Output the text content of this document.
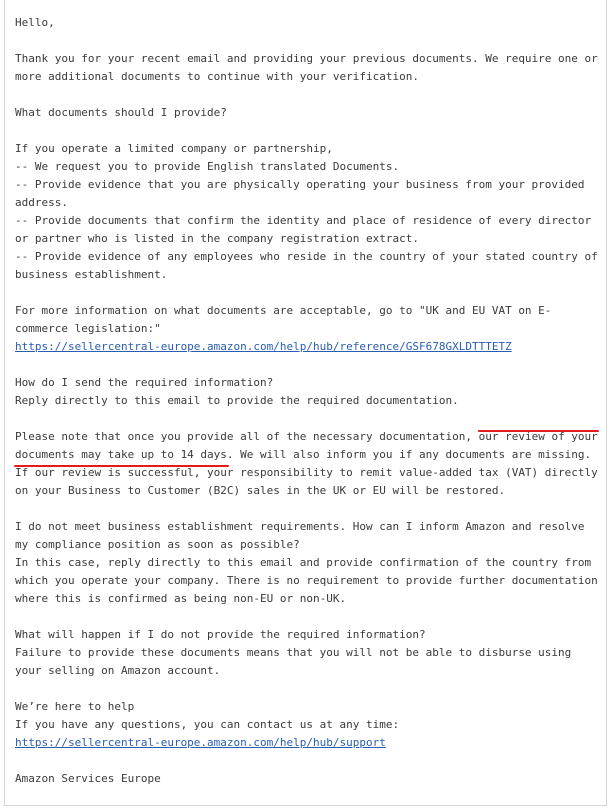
Hello,
Thank you for your recent email and providing your previous documents. We require one or
more additional documents to continue with your verification.
What documents should I provide?
If you operate a limited company or partnership,
-- We request you to provide English translated Documents.
-- Provide evidence that you are physically operating your business from your provided
address.
-- Provide documents that confirm the identity and place of residence of every director
or partner who is listed in the company registration extract.
-- Provide evidence of any employees who reside in the country of your stated country of
business establishment.
For more information on what documents are acceptable, go to "UK and EU VAT on E-
commerce legislation:"
https://sellercentral-europe.amazon.com/help/hub/reference/GSF678GXLDTTTETZ
How do I send the required information?
Reply directly to this email to provide the required documentation.
Please note that once you provide all of the necessary documentation, our review of your
documents may take up to 14 days
. We will also inform you if any documents are missing.
If our review is successful, your responsibility to remit value-added tax (VAT) directly
on your Business to Customer (B2C) sales in the UK or EU will be restored.
I do not meet business establishment requirements. How can I inform Amazon and resolve
my compliance position as soon as possible?
In this case, reply directly to this email and provide confirmation of the country from
which you operate your company. There is no requirement to provide further documentation
where this is confirmed as being non-EU or non-UK.
What will happen if I do not provide the required information?
Failure to provide these documents means that you will not be able to disburse using
your selling on Amazon account.
We’re here to help
If you have any questions, you can contact us at any time:
https://sellercentral-europe.amazon.com/help/hub/support
Amazon Services Europe
